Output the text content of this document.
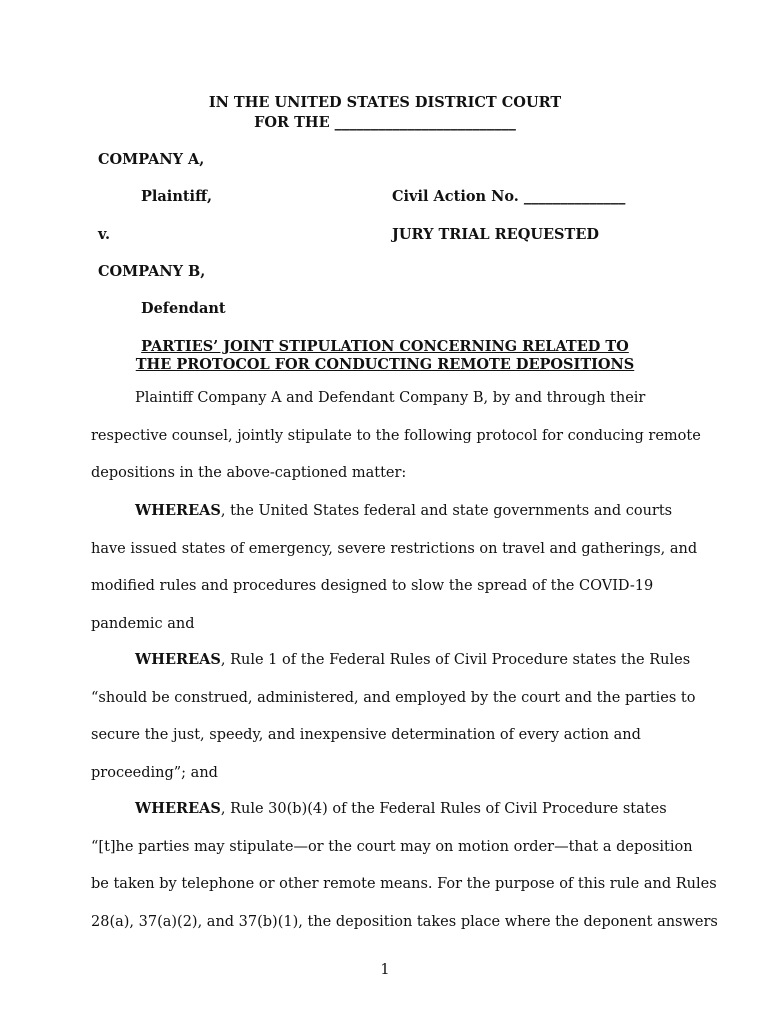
IN THE UNITED STATES DISTRICT COURT
FOR THE _________________________
COMPANY A,
Plaintiff,	Civil Action No. ______________
v.	JURY TRIAL REQUESTED
COMPANY B,
Defendant
PARTIES’ JOINT STIPULATION CONCERNING RELATED TO
THE PROTOCOL FOR CONDUCTING REMOTE DEPOSITIONS
Plaintiff Company A and Defendant Company B, by and through their
respective counsel, jointly stipulate to the following protocol for conducing remote
depositions in the above-captioned matter:
WHEREAS, the United States federal and state governments and courts
have issued states of emergency, severe restrictions on travel and gatherings, and
modified rules and procedures designed to slow the spread of the COVID-19
pandemic and
WHEREAS, Rule 1 of the Federal Rules of Civil Procedure states the Rules
“should be construed, administered, and employed by the court and the parties to
secure the just, speedy, and inexpensive determination of every action and
proceeding”; and
WHEREAS, Rule 30(b)(4) of the Federal Rules of Civil Procedure states
“[t]he parties may stipulate—or the court may on motion order—that a deposition
be taken by telephone or other remote means. For the purpose of this rule and Rules
28(a), 37(a)(2), and 37(b)(1), the deposition takes place where the deponent answers
1
